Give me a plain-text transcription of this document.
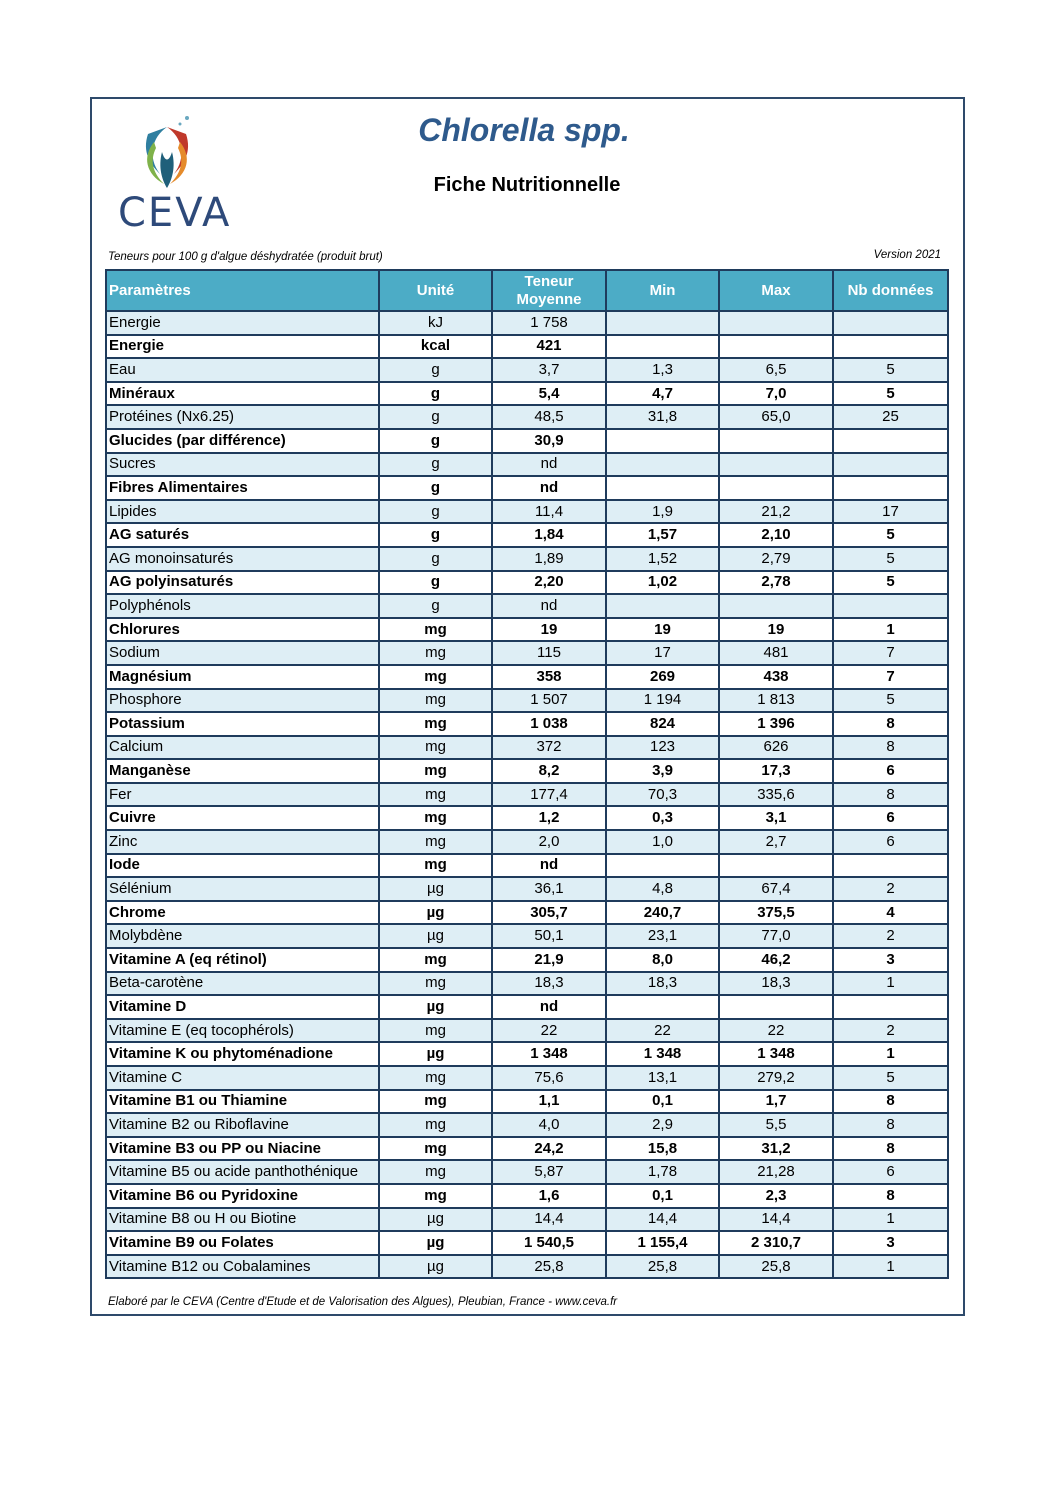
CEVA
Chlorella spp.
Fiche Nutritionnelle
Teneurs pour 100 g d'algue déshydratée (produit brut)	Version 2021
Paramètres	Unité	Teneur Moyenne	Min	Max	Nb données
Energie	kJ	1 758			
Energie	kcal	421			
Eau	g	3,7	1,3	6,5	5
Minéraux	g	5,4	4,7	7,0	5
Protéines (Nx6.25)	g	48,5	31,8	65,0	25
Glucides (par différence)	g	30,9			
Sucres	g	nd			
Fibres Alimentaires	g	nd			
Lipides	g	11,4	1,9	21,2	17
AG saturés	g	1,84	1,57	2,10	5
AG monoinsaturés	g	1,89	1,52	2,79	5
AG polyinsaturés	g	2,20	1,02	2,78	5
Polyphénols	g	nd			
Chlorures	mg	19	19	19	1
Sodium	mg	115	17	481	7
Magnésium	mg	358	269	438	7
Phosphore	mg	1 507	1 194	1 813	5
Potassium	mg	1 038	824	1 396	8
Calcium	mg	372	123	626	8
Manganèse	mg	8,2	3,9	17,3	6
Fer	mg	177,4	70,3	335,6	8
Cuivre	mg	1,2	0,3	3,1	6
Zinc	mg	2,0	1,0	2,7	6
Iode	mg	nd			
Sélénium	µg	36,1	4,8	67,4	2
Chrome	µg	305,7	240,7	375,5	4
Molybdène	µg	50,1	23,1	77,0	2
Vitamine A (eq rétinol)	mg	21,9	8,0	46,2	3
Beta-carotène	mg	18,3	18,3	18,3	1
Vitamine D	µg	nd			
Vitamine E (eq tocophérols)	mg	22	22	22	2
Vitamine K ou phytoménadione	µg	1 348	1 348	1 348	1
Vitamine C	mg	75,6	13,1	279,2	5
Vitamine B1 ou Thiamine	mg	1,1	0,1	1,7	8
Vitamine B2 ou Riboflavine	mg	4,0	2,9	5,5	8
Vitamine B3 ou PP ou Niacine	mg	24,2	15,8	31,2	8
Vitamine B5 ou acide panthothénique	mg	5,87	1,78	21,28	6
Vitamine B6 ou Pyridoxine	mg	1,6	0,1	2,3	8
Vitamine B8 ou H ou Biotine	µg	14,4	14,4	14,4	1
Vitamine B9 ou Folates	µg	1 540,5	1 155,4	2 310,7	3
Vitamine B12 ou Cobalamines	µg	25,8	25,8	25,8	1
Elaboré par le CEVA (Centre d'Etude et de Valorisation des Algues), Pleubian, France - www.ceva.fr
